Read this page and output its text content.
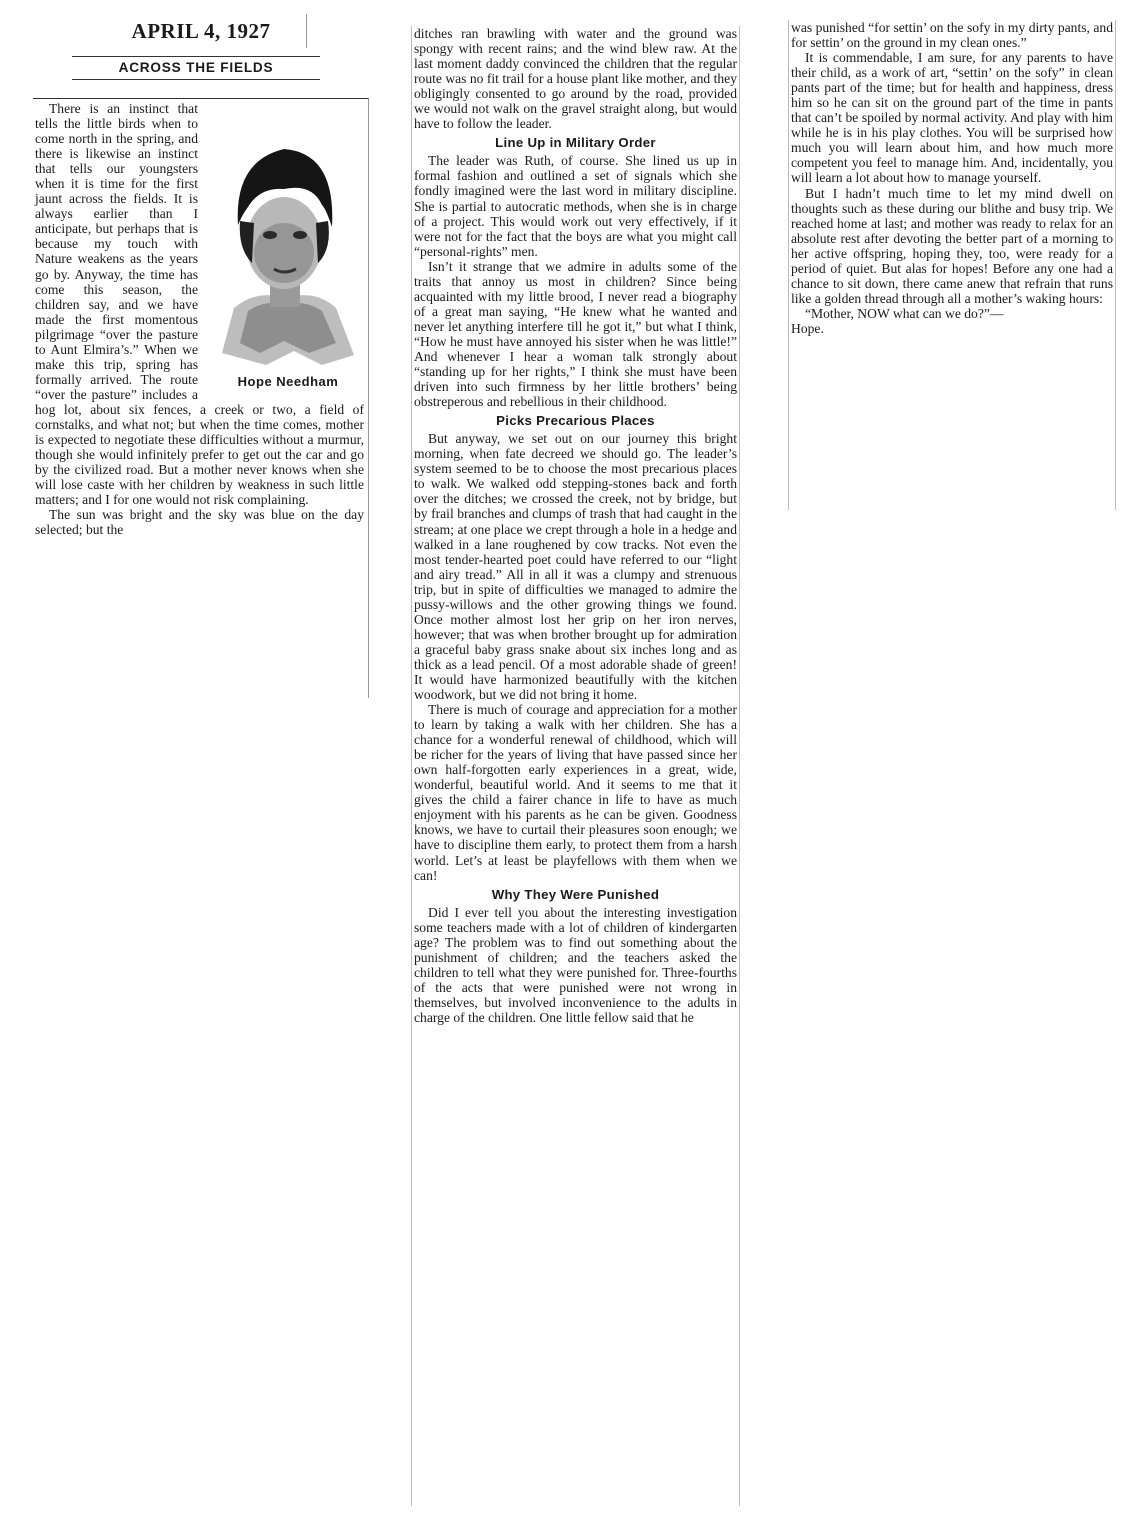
APRIL 4, 1927
ACROSS THE FIELDS
Hope Needham

There is an instinct that tells the little birds when to come north in the spring, and there is likewise an instinct that tells our youngsters when it is time for the first jaunt across the fields. It is always earlier than I anticipate, but perhaps that is because my touch with Nature weakens as the years go by. Anyway, the time has come this season, the children say, and we have made the first momentous pilgrimage “over the pasture to Aunt Elmira’s.” When we make this trip, spring has formally arrived. The route “over the pasture” includes a hog lot, about six fences, a creek or two, a field of cornstalks, and what not; but when the time comes, mother is expected to negotiate these difficulties without a murmur, though she would infinitely prefer to get out the car and go by the civilized road. But a mother never knows when she will lose caste with her children by weakness in such little matters; and I for one would not risk complaining.

The sun was bright and the sky was blue on the day selected; but the

ditches ran brawling with water and the ground was spongy with recent rains; and the wind blew raw. At the last moment daddy convinced the children that the regular route was no fit trail for a house plant like mother, and they obligingly consented to go around by the road, provided we would not walk on the gravel straight along, but would have to follow the leader.

Line Up in Military Order

The leader was Ruth, of course. She lined us up in formal fashion and outlined a set of signals which she fondly imagined were the last word in military discipline. She is partial to autocratic methods, when she is in charge of a project. This would work out very effectively, if it were not for the fact that the boys are what you might call “personal-rights” men.

Isn’t it strange that we admire in adults some of the traits that annoy us most in children? Since being acquainted with my little brood, I never read a biography of a great man saying, “He knew what he wanted and never let anything interfere till he got it,” but what I think, “How he must have annoyed his sister when he was little!” And whenever I hear a woman talk strongly about “standing up for her rights,” I think she must have been driven into such firmness by her little brothers’ being obstreperous and rebellious in their childhood.

Picks Precarious Places

But anyway, we set out on our journey this bright morning, when fate decreed we should go. The leader’s system seemed to be to choose the most precarious places to walk. We walked odd stepping-stones back and forth over the ditches; we crossed the creek, not by bridge, but by frail branches and clumps of trash that had caught in the stream; at one place we crept through a hole in a hedge and walked in a lane roughened by cow tracks. Not even the most tender-hearted poet could have referred to our “light and airy tread.” All in all it was a clumpy and strenuous trip, but in spite of difficulties we managed to admire the pussy-willows and the other growing things we found. Once mother almost lost her grip on her iron nerves, however; that was when brother brought up for admiration a graceful baby grass snake about six inches long and as thick as a lead pencil. Of a most adorable shade of green! It would have harmonized beautifully with the kitchen woodwork, but we did not bring it home.

There is much of courage and appreciation for a mother to learn by taking a walk with her children. She has a chance for a wonderful renewal of childhood, which will be richer for the years of living that have passed since her own half-forgotten early experiences in a great, wide, wonderful, beautiful world. And it seems to me that it gives the child a fairer chance in life to have as much enjoyment with his parents as he can be given. Goodness knows, we have to curtail their pleasures soon enough; we have to discipline them early, to protect them from a harsh world. Let’s at least be playfellows with them when we can!

Why They Were Punished

Did I ever tell you about the interesting investigation some teachers made with a lot of children of kindergarten age? The problem was to find out something about the punishment of children; and the teachers asked the children to tell what they were punished for. Three-fourths of the acts that were punished were not wrong in themselves, but involved inconvenience to the adults in charge of the children. One little fellow said that he

was punished “for settin’ on the sofy in my dirty pants, and for settin’ on the ground in my clean ones.”

It is commendable, I am sure, for any parents to have their child, as a work of art, “settin’ on the sofy” in clean pants part of the time; but for health and happiness, dress him so he can sit on the ground part of the time in pants that can’t be spoiled by normal activity. And play with him while he is in his play clothes. You will be surprised how much you will learn about him, and how much more competent you feel to manage him. And, incidentally, you will learn a lot about how to manage yourself.

But I hadn’t much time to let my mind dwell on thoughts such as these during our blithe and busy trip. We reached home at last; and mother was ready to relax for an absolute rest after devoting the better part of a morning to her active offspring, hoping they, too, were ready for a period of quiet. But alas for hopes! Before any one had a chance to sit down, there came anew that refrain that runs like a golden thread through all a mother’s waking hours:

“Mother, NOW what can we do?”—

Hope.
